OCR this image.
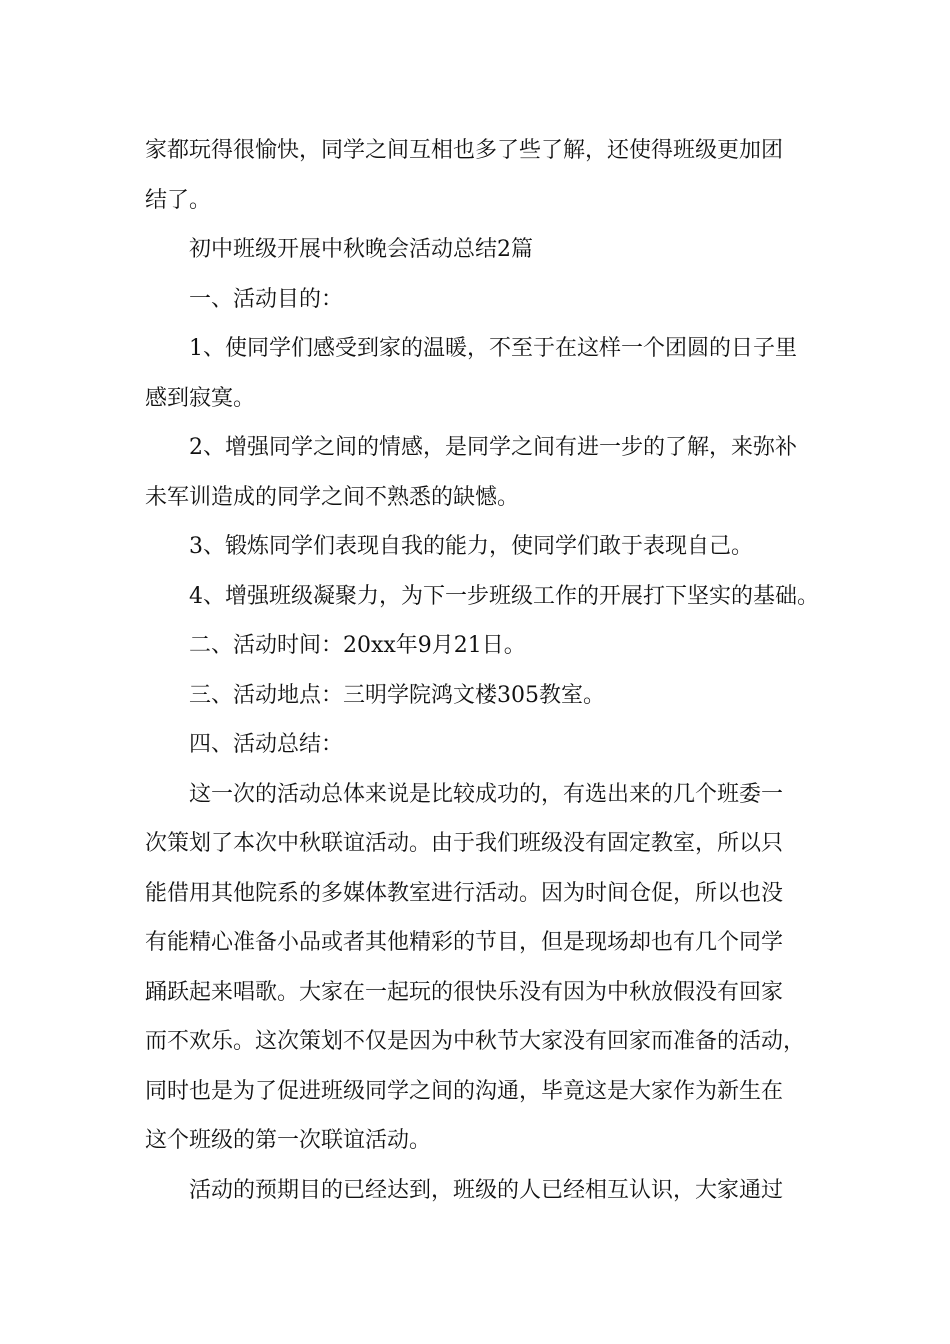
家都玩得很愉快，同学之间互相也多了些了解，还使得班级更加团
结了。
初中班级开展中秋晚会活动总结2篇
一、活动目的：
1、使同学们感受到家的温暖，不至于在这样一个团圆的日子里
感到寂寞。
2、增强同学之间的情感，是同学之间有进一步的了解，来弥补
未军训造成的同学之间不熟悉的缺憾。
3、锻炼同学们表现自我的能力，使同学们敢于表现自己。
4、增强班级凝聚力，为下一步班级工作的开展打下坚实的基础。
二、活动时间：20xx年9月21日。
三、活动地点：三明学院鸿文楼305教室。
四、活动总结：
这一次的活动总体来说是比较成功的，有选出来的几个班委一
次策划了本次中秋联谊活动。由于我们班级没有固定教室，所以只
能借用其他院系的多媒体教室进行活动。因为时间仓促，所以也没
有能精心准备小品或者其他精彩的节目，但是现场却也有几个同学
踊跃起来唱歌。大家在一起玩的很快乐没有因为中秋放假没有回家
而不欢乐。这次策划不仅是因为中秋节大家没有回家而准备的活动，
同时也是为了促进班级同学之间的沟通，毕竟这是大家作为新生在
这个班级的第一次联谊活动。
活动的预期目的已经达到，班级的人已经相互认识，大家通过
